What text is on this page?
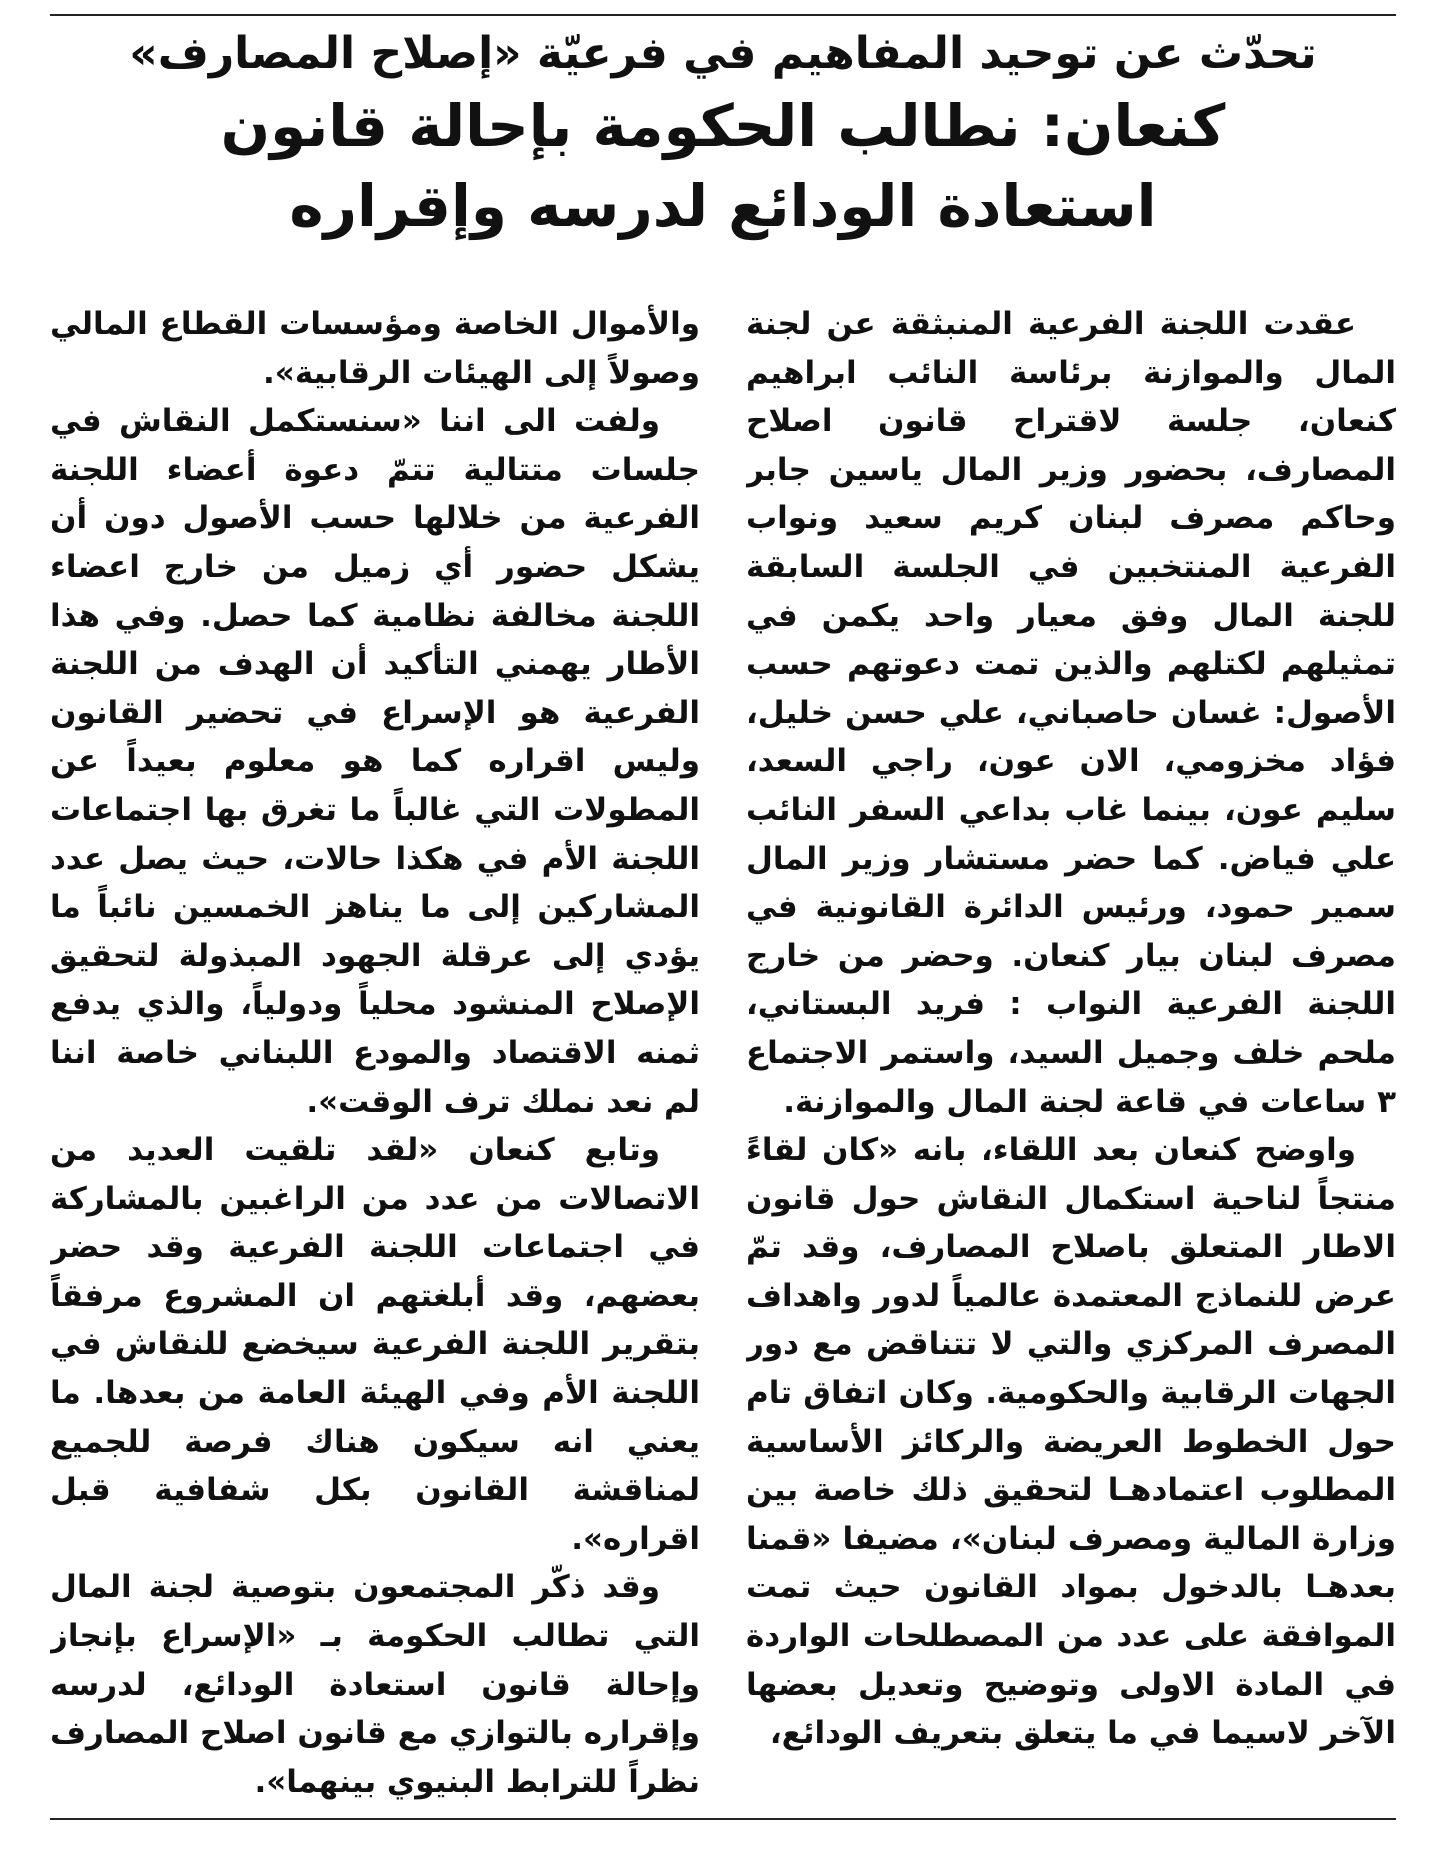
تحدّث عن توحيد المفاهيم في فرعيّة «إصلاح المصارف»
كنعان: نطالب الحكومة بإحالة قانون
استعادة الودائع لدرسه وإقراره

عقدت اللجنة الفرعية المنبثقة عن لجنة المال والموازنة برئاسة النائب ابراهيم كنعان، جلسة لاقتراح قانون اصلاح المصارف، بحضور وزير المال ياسين جابر وحاكم مصرف لبنان كريم سعيد ونواب الفرعية المنتخبين في الجلسة السابقة للجنة المال وفق معيار واحد يكمن في تمثيلهم لكتلهم والذين تمت دعوتهم حسب الأصول: غسان حاصباني، علي حسن خليل، فؤاد مخزومي، الان عون، راجي السعد، سليم عون، بينما غاب بداعي السفر النائب علي فياض. كما حضر مستشار وزير المال سمير حمود، ورئيس الدائرة القانونية في مصرف لبنان بيار كنعان. وحضر من خارج اللجنة الفرعية النواب : فريد البستاني، ملحم خلف وجميل السيد، واستمر الاجتماع ٣ ساعات في قاعة لجنة المال والموازنة.

واوضح كنعان بعد اللقاء، بانه «كان لقاءً منتجاً لناحية استكمال النقاش حول قانون الاطار المتعلق باصلاح المصارف، وقد تمّ عرض للنماذج المعتمدة عالمياً لدور واهداف المصرف المركزي والتي لا تتناقض مع دور الجهات الرقابية والحكومية. وكان اتفاق تام حول الخطوط العريضة والركائز الأساسية المطلوب اعتمادهـا لتحقيق ذلك خاصة بين وزارة المالية ومصرف لبنان»، مضيفا «قمنا بعدهـا بالدخول بمواد القانون حيث تمت الموافقة على عدد من المصطلحات الواردة في المادة الاولى وتوضيح وتعديل بعضها الآخر لاسيما في ما يتعلق بتعريف الودائع،

والأموال الخاصة ومؤسسات القطاع المالي وصولاً إلى الهيئات الرقابية».

ولفت الى اننا «سنستكمل النقاش في جلسات متتالية تتمّ دعوة أعضاء اللجنة الفرعية من خلالها حسب الأصول دون أن يشكل حضور أي زميل من خارج اعضاء اللجنة مخالفة نظامية كما حصل. وفي هذا الأطار يهمني التأكيد أن الهدف من اللجنة الفرعية هو الإسراع في تحضير القانون وليس اقراره كما هو معلوم بعيداً عن المطولات التي غالباً ما تغرق بها اجتماعات اللجنة الأم في هكذا حالات، حيث يصل عدد المشاركين إلى ما يناهز الخمسين نائباً ما يؤدي إلى عرقلة الجهود المبذولة لتحقيق الإصلاح المنشود محلياً ودولياً، والذي يدفع ثمنه الاقتصاد والمودع اللبناني خاصة اننا لم نعد نملك ترف الوقت».

وتابع كنعان «لقد تلقيت العديد من الاتصالات من عدد من الراغبين بالمشاركة في اجتماعات اللجنة الفرعية وقد حضر بعضهم، وقد أبلغتهم ان المشروع مرفقاً بتقرير اللجنة الفرعية سيخضع للنقاش في اللجنة الأم وفي الهيئة العامة من بعدها. ما يعني انه سيكون هناك فرصة للجميع لمناقشة القانون بكل شفافية قبل اقراره».

وقد ذكّر المجتمعون بتوصية لجنة المال التي تطالب الحكومة بـ «الإسراع بإنجاز وإحالة قانون استعادة الودائع، لدرسه وإقراره بالتوازي مع قانون اصلاح المصارف نظراً للترابط البنيوي بينهما».
